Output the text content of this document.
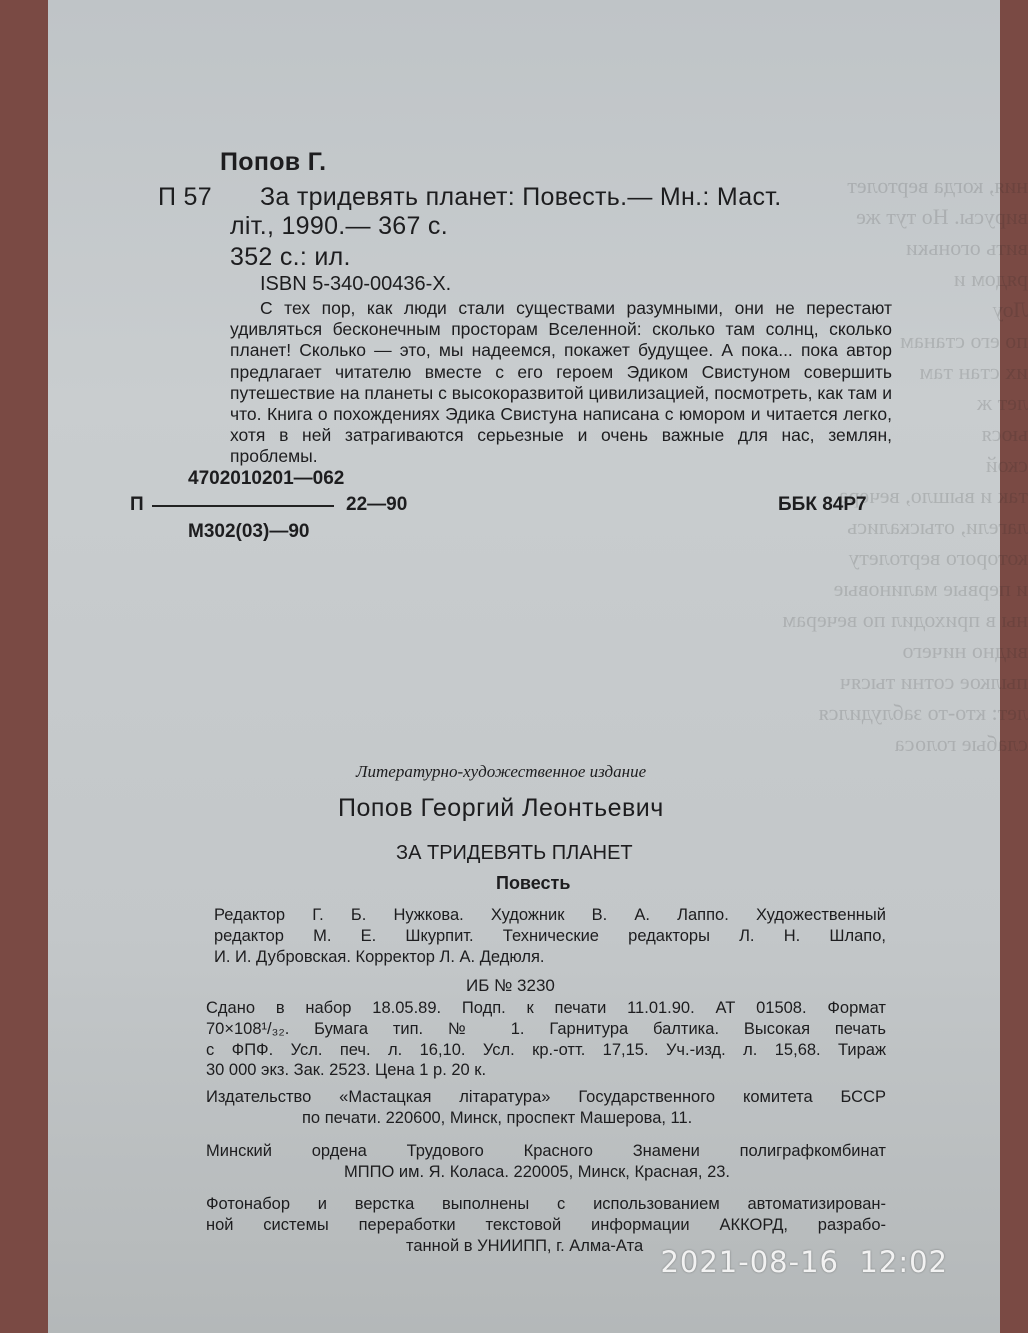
ния, когда вертолет
вирусы. Но тут же
вить огоньки
рядом и
Лоу
по его станам
их стан там
лет ж
ьюся
ской
так и вышло, вечера
лагели, отыскались
которого вертолету
и первые малиновые
ны в приходил по вечерам
видно ничего
пылкое сотни тысяч
лет: кто-то заблудился
слабые голоса
Попов Г.
П 57 За тридевять планет: Повесть.— Мн.: Маст.
лiт., 1990.— 367 с.
352 с.: ил.
ISBN 5-340-00436-X.
С тех пор, как люди стали существами разумными, они не перестают удивляться бесконечным просторам Вселенной: сколько там солнц, сколько планет! Сколько — это, мы надеемся, покажет будущее. А пока... пока автор предлагает читателю вместе с его героем Эдиком Свистуном совершить путешествие на планеты с высокоразвитой цивилизацией, посмотреть, как там и что. Книга о похождениях Эдика Свистуна написана с юмором и читается легко, хотя в ней затрагиваются серьезные и очень важные для нас, землян, проблемы.
4702010201—062
П	22—90
М302(03)—90
ББК 84Р7
Литературно-художественное издание
Попов Георгий Леонтьевич
ЗА ТРИДЕВЯТЬ ПЛАНЕТ
Повесть

Редактор Г. Б. Нужкова. Художник В. А. Лаппо. Художественный

редактор М. Е. Шкурпит. Технические редакторы Л. Н. Шлапо,

И. И. Дубровская. Корректор Л. А. Дедюля.

ИБ № 3230

Сдано в набор 18.05.89. Подп. к печати 11.01.90. АТ 01508. Формат

70×108¹/₃₂. Бумага тип. № 1. Гарнитура балтика. Высокая печать

с ФПФ. Усл. печ. л. 16,10. Усл. кр.-отт. 17,15. Уч.-изд. л. 15,68. Тираж

30 000 экз. Зак. 2523. Цена 1 р. 20 к.

Издательство «Мастацкая лiтаратура» Государственного комитета БССР

по печати. 220600, Минск, проспект Машерова, 11.

Минский ордена Трудового Красного Знамени полиграфкомбинат

МППО им. Я. Коласа. 220005, Минск, Красная, 23.

Фотонабор и верстка выполнены с использованием автоматизирован-

ной системы переработки текстовой информации АККОРД, разрабо-

танной в УНИИПП, г. Алма-Ата 2021-08-16  12:02
